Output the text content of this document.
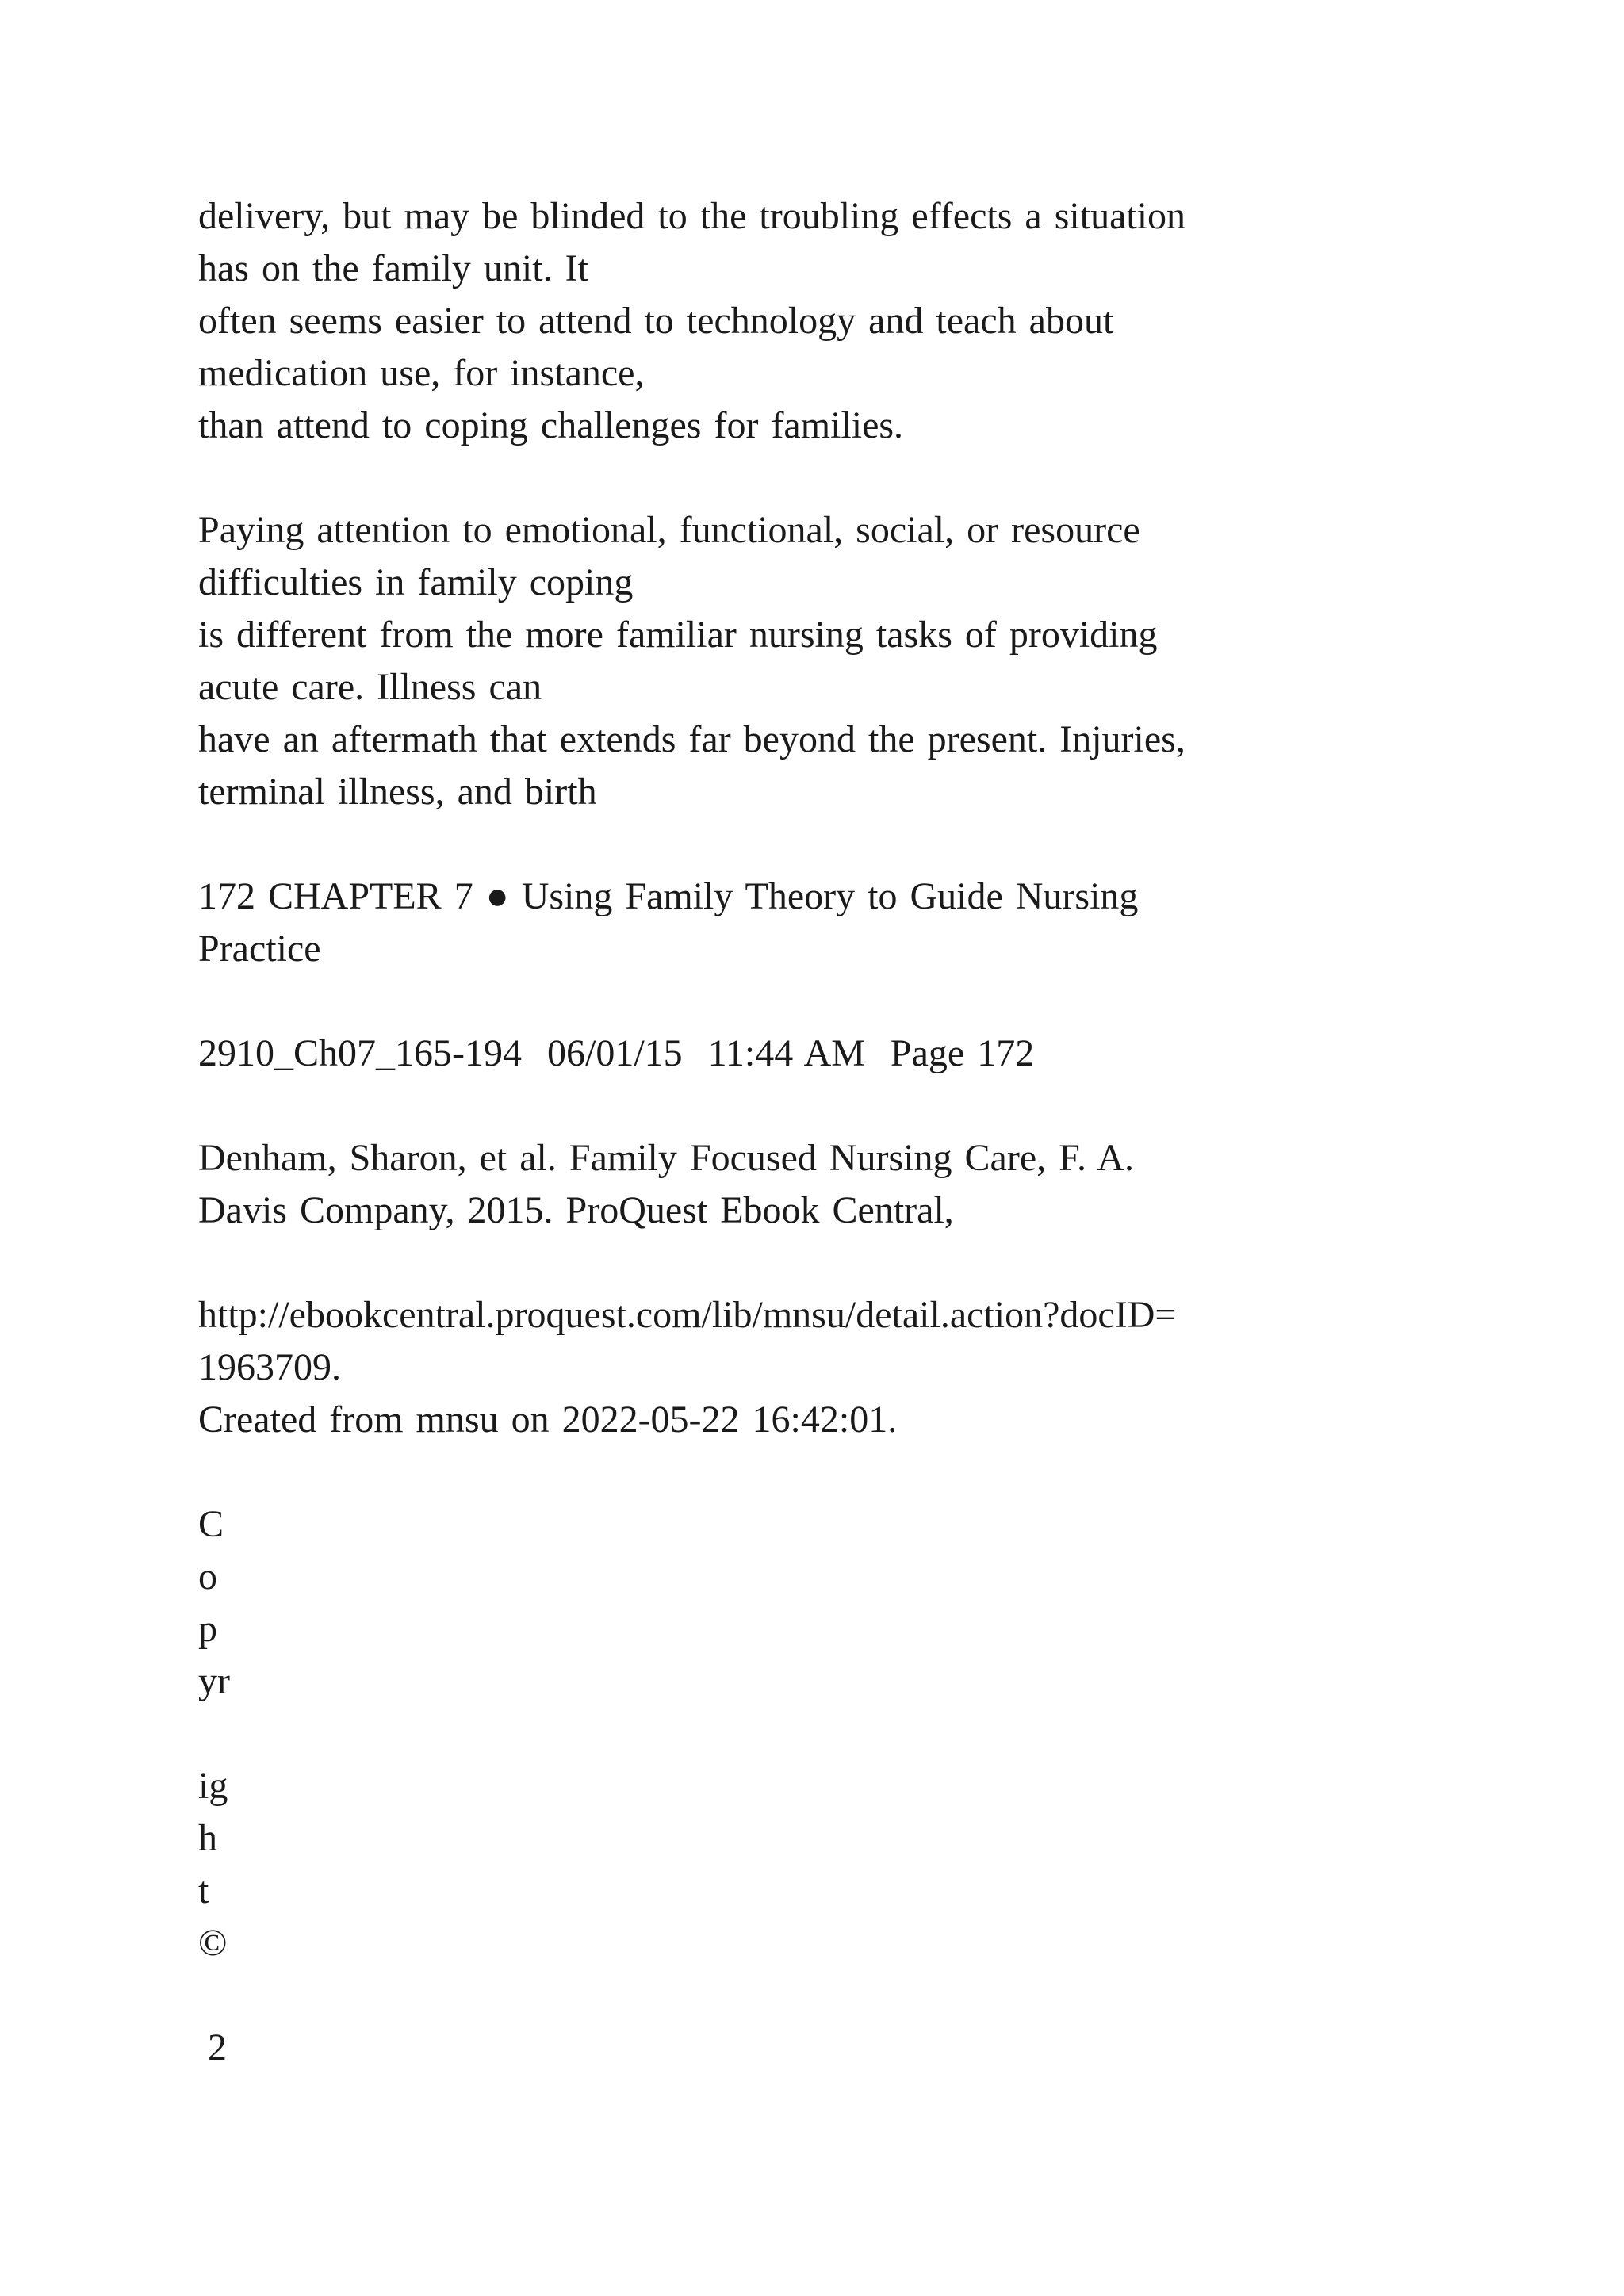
delivery, but may be blinded to the troubling effects a situation
has on the family unit. It
often seems easier to attend to technology and teach about
medication use, for instance,
than attend to coping challenges for families.
Paying attention to emotional, functional, social, or resource
difficulties in family coping
is different from the more familiar nursing tasks of providing
acute care. Illness can
have an aftermath that extends far beyond the present. Injuries,
terminal illness, and birth
172 CHAPTER 7 ● Using Family Theory to Guide Nursing
Practice
2910_Ch07_165-194  06/01/15  11:44 AM  Page 172
Denham, Sharon, et al. Family Focused Nursing Care, F. A.
Davis Company, 2015. ProQuest Ebook Central,
http://ebookcentral.proquest.com/lib/mnsu/detail.action?docID=
1963709.
Created from mnsu on 2022-05-22 16:42:01.
C
o
p
yr
ig
h
t
©
2
